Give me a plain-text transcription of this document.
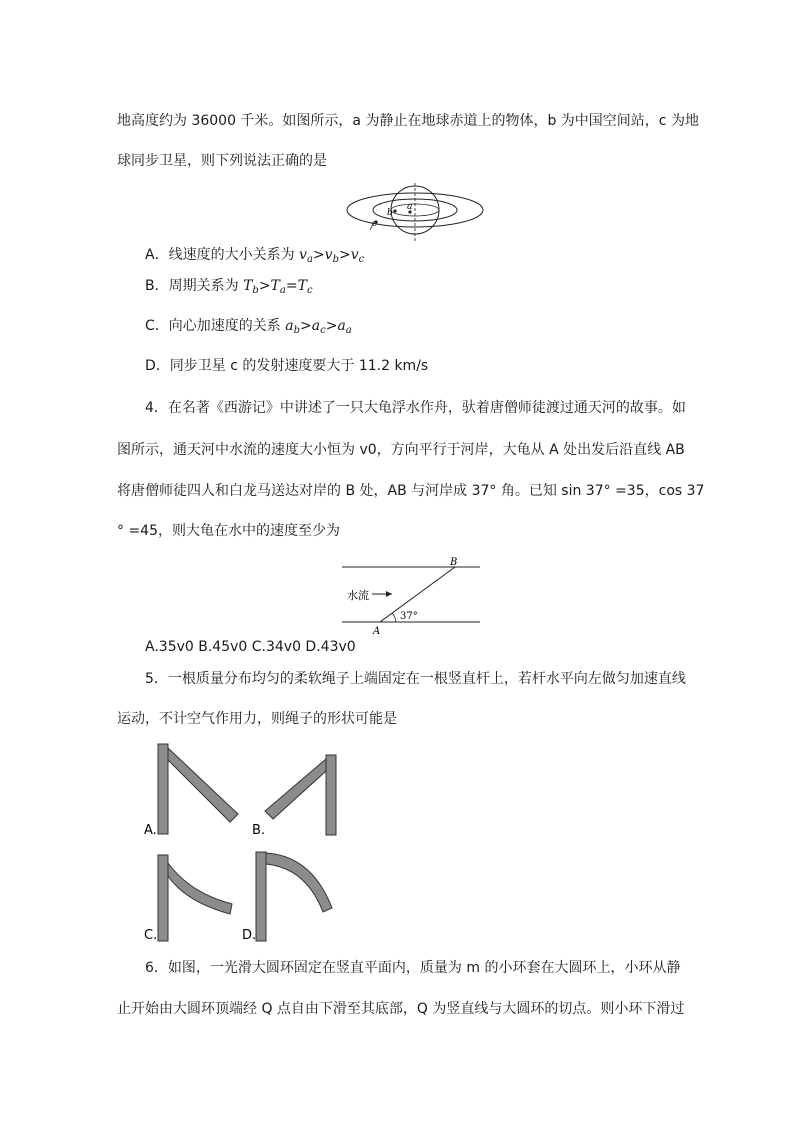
地高度约为 36000 千米。如图所示，a 为静止在地球赤道上的物体，b 为中国空间站，c 为地
球同步卫星，则下列说法正确的是
a
b
c
A．线速度的大小关系为 $v_a>v_b>v_c$
B．周期关系为 $T_b>T_a=T_c$
C．向心加速度的关系 $a_b>a_c>a_a$
D．同步卫星 c 的发射速度要大于 11.2 km/s
4．在名著《西游记》中讲述了一只大龟浮水作舟，驮着唐僧师徒渡过通天河的故事。如
图所示，通天河中水流的速度大小恒为 v0，方向平行于河岸，大龟从 A 处出发后沿直线 AB
将唐僧师徒四人和白龙马送达对岸的 B 处，AB 与河岸成 37° 角。已知 sin 37° =35，cos 37
° =45，则大龟在水中的速度至少为
水流
37°
A
B
A.35v0 B.45v0 C.34v0 D.43v0
5．一根质量分布均匀的柔软绳子上端固定在一根竖直杆上，若杆水平向左做匀加速直线
运动，不计空气作用力，则绳子的形状可能是
A.	B.
C.	D.
6．如图，一光滑大圆环固定在竖直平面内，质量为 m 的小环套在大圆环上，小环从静
止开始由大圆环顶端经 Q 点自由下滑至其底部，Q 为竖直线与大圆环的切点。则小环下滑过
